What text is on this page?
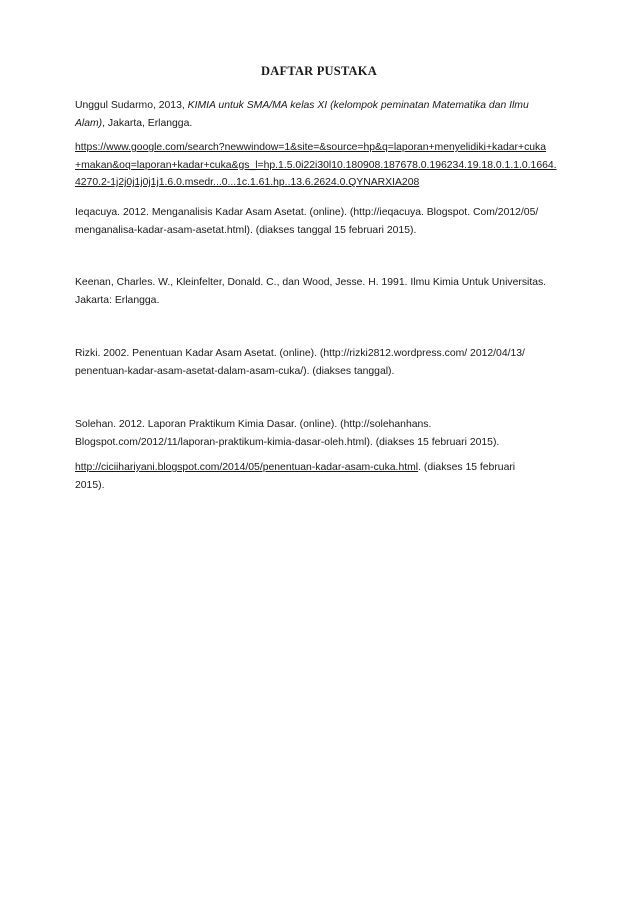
DAFTAR PUSTAKA

Unggul Sudarmo, 2013, KIMIA untuk SMA/MA kelas XI (kelompok peminatan Matematika dan Ilmu
Alam), Jakarta, Erlangga.

https://www.google.com/search?newwindow=1&site=&source=hp&q=laporan+menyelidiki+kadar+cuka
+makan&oq=laporan+kadar+cuka&gs_l=hp.1.5.0i22i30l10.180908.187678.0.196234.19.18.0.1.1.0.1664.
4270.2-1j2j0j1j0j1j1.6.0.msedr...0...1c.1.61.hp..13.6.2624.0.QYNARXIA208

Ieqacuya. 2012. Menganalisis Kadar Asam Asetat. (online). (http://ieqacuya. Blogspot. Com/2012/05/
menganalisa-kadar-asam-asetat.html). (diakses tanggal 15 februari 2015).

Keenan, Charles. W., Kleinfelter, Donald. C., dan Wood, Jesse. H. 1991. Ilmu Kimia Untuk Universitas.
Jakarta: Erlangga.

Rizki. 2002. Penentuan Kadar Asam Asetat. (online). (http://rizki2812.wordpress.com/ 2012/04/13/
penentuan-kadar-asam-asetat-dalam-asam-cuka/). (diakses tanggal).

Solehan. 2012. Laporan Praktikum Kimia Dasar. (online). (http://solehanhans.
Blogspot.com/2012/11/laporan-praktikum-kimia-dasar-oleh.html). (diakses 15 februari 2015).

http://ciciihariyani.blogspot.com/2014/05/penentuan-kadar-asam-cuka.html. (diakses 15 februari
2015).
